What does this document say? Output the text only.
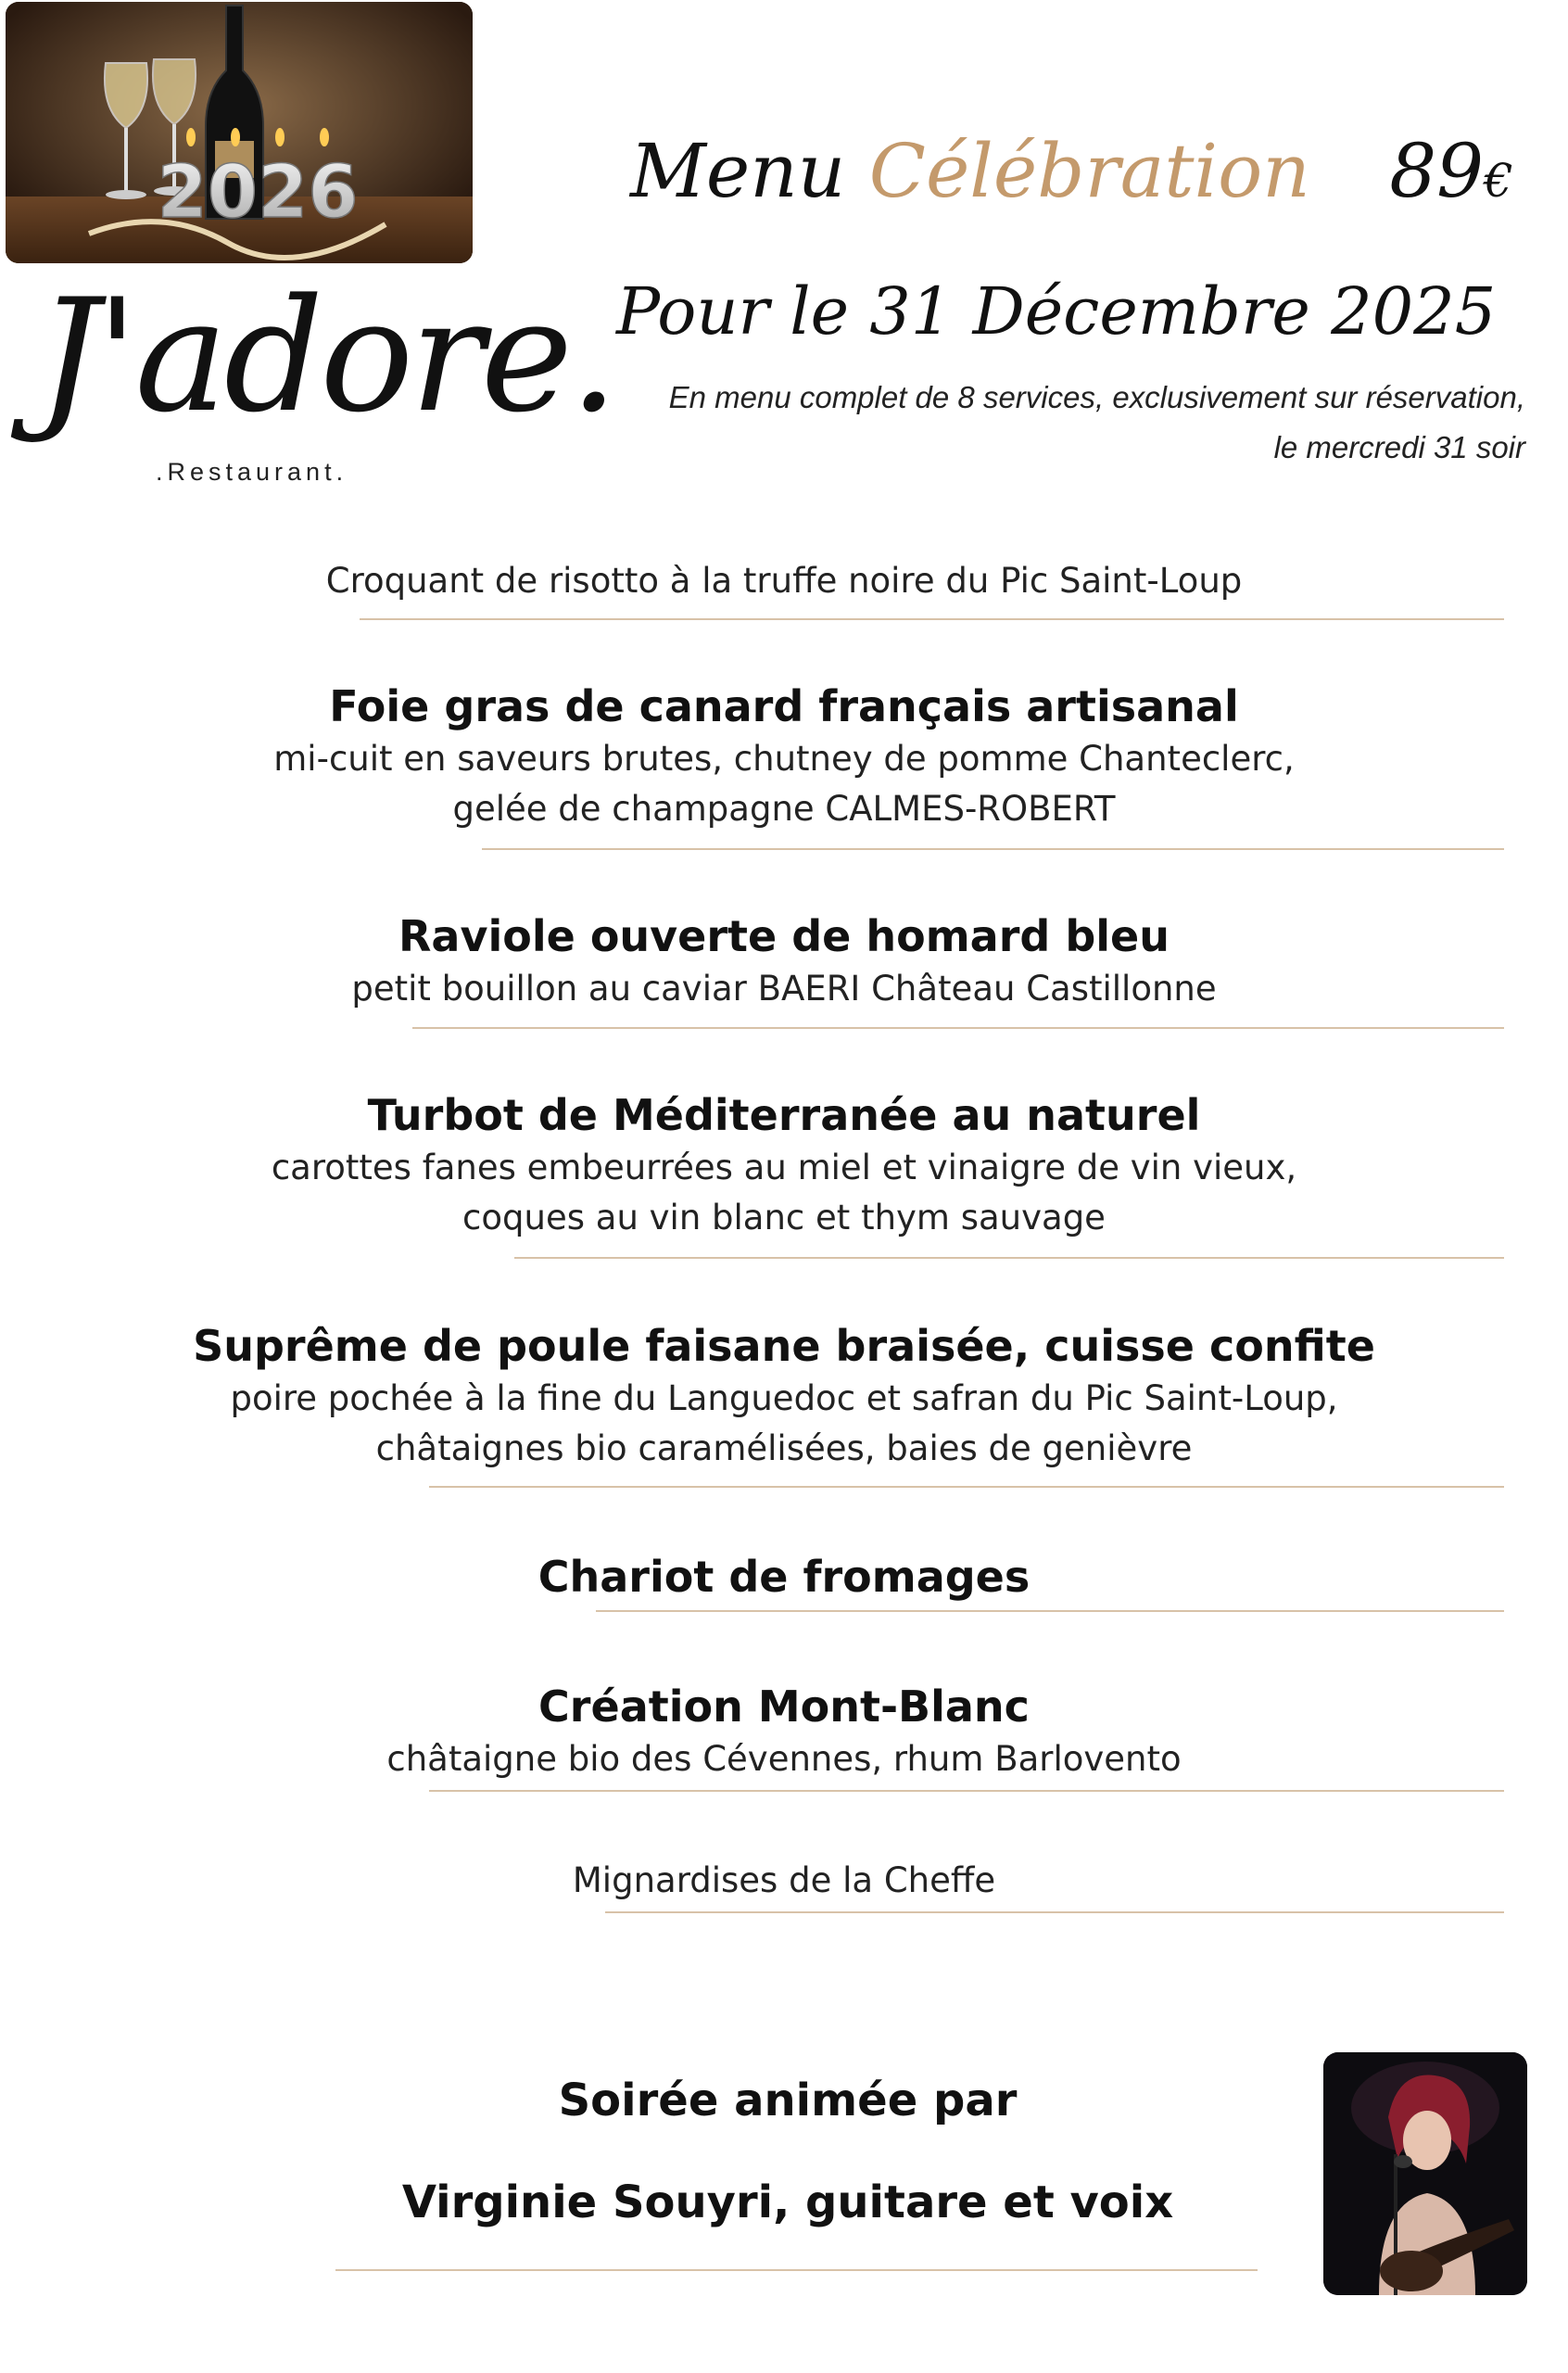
2026
J'adore.
.Restaurant.
Menu Célébration 89€
Pour le 31 Décembre 2025
En menu complet de 8 services, exclusivement sur réservation,
le mercredi 31 soir
Croquant de risotto à la truffe noire du Pic Saint-Loup
Foie gras de canard français artisanal
mi-cuit en saveurs brutes, chutney de pomme Chanteclerc,
gelée de champagne CALMES-ROBERT
Raviole ouverte de homard bleu
petit bouillon au caviar BAERI Château Castillonne
Turbot de Méditerranée au naturel
carottes fanes embeurrées au miel et vinaigre de vin vieux,
coques au vin blanc et thym sauvage
Suprême de poule faisane braisée, cuisse confite
poire pochée à la fine du Languedoc et safran du Pic Saint-Loup,
châtaignes bio caramélisées, baies de genièvre
Chariot de fromages
Création Mont-Blanc
châtaigne bio des Cévennes, rhum Barlovento
Mignardises de la Cheffe
Soirée animée par
Virginie Souyri, guitare et voix
